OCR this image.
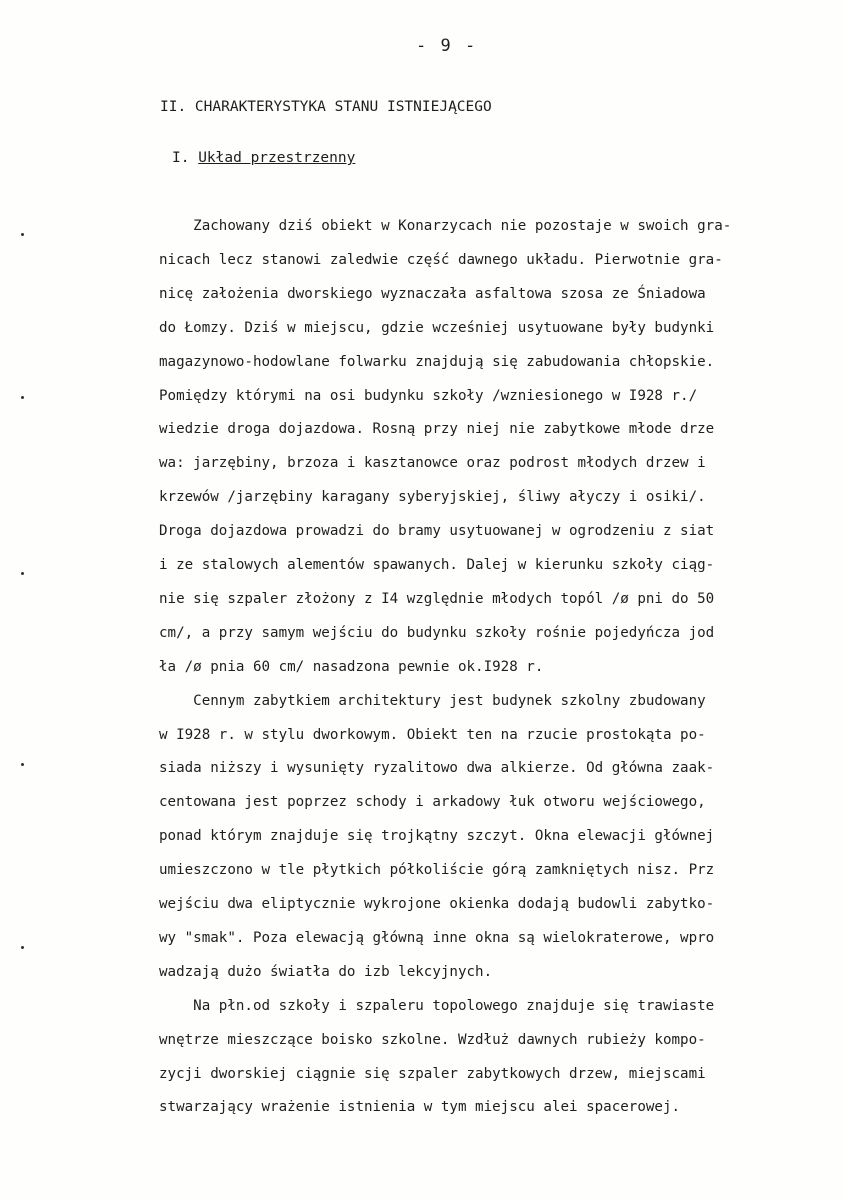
- 9 -
II. CHARAKTERYSTYKA STANU ISTNIEJĄCEGO
I. Układ przestrzenny
Zachowany dziś obiekt w Konarzycach nie pozostaje w swoich gra-
nicach lecz stanowi zaledwie część dawnego układu. Pierwotnie gra-
nicę założenia dworskiego wyznaczała asfaltowa szosa ze Śniadowa
do Łomzy. Dziś w miejscu, gdzie wcześniej usytuowane były budynki
magazynowo-hodowlane folwarku znajdują się zabudowania chłopskie.
Pomiędzy którymi na osi budynku szkoły /wzniesionego w I928 r./
wiedzie droga dojazdowa. Rosną przy niej nie zabytkowe młode drze
wa: jarzębiny, brzoza i kasztanowce oraz podrost młodych drzew i
krzewów /jarzębiny karagany syberyjskiej, śliwy ałyczy i osiki/.
Droga dojazdowa prowadzi do bramy usytuowanej w ogrodzeniu z siat
i ze stalowych alementów spawanych. Dalej w kierunku szkoły ciąg-
nie się szpaler złożony z I4 względnie młodych topól /ø pni do 50
cm/, a przy samym wejściu do budynku szkoły rośnie pojedyńcza jod
ła /ø pnia 60 cm/ nasadzona pewnie ok.I928 r.
Cennym zabytkiem architektury jest budynek szkolny zbudowany
w I928 r. w stylu dworkowym. Obiekt ten na rzucie prostokąta po-
siada niższy i wysunięty ryzalitowo dwa alkierze. Od główna zaak-
centowana jest poprzez schody i arkadowy łuk otworu wejściowego,
ponad którym znajduje się trojkątny szczyt. Okna elewacji głównej
umieszczono w tle płytkich półkoliście górą zamkniętych nisz. Prz
wejściu dwa eliptycznie wykrojone okienka dodają budowli zabytko-
wy "smak". Poza elewacją główną inne okna są wielokraterowe, wpro
wadzają dużo światła do izb lekcyjnych.
Na płn.od szkoły i szpaleru topolowego znajduje się trawiaste
wnętrze mieszczące boisko szkolne. Wzdłuż dawnych rubieży kompo-
zycji dworskiej ciągnie się szpaler zabytkowych drzew, miejscami
stwarzający wrażenie istnienia w tym miejscu alei spacerowej.
